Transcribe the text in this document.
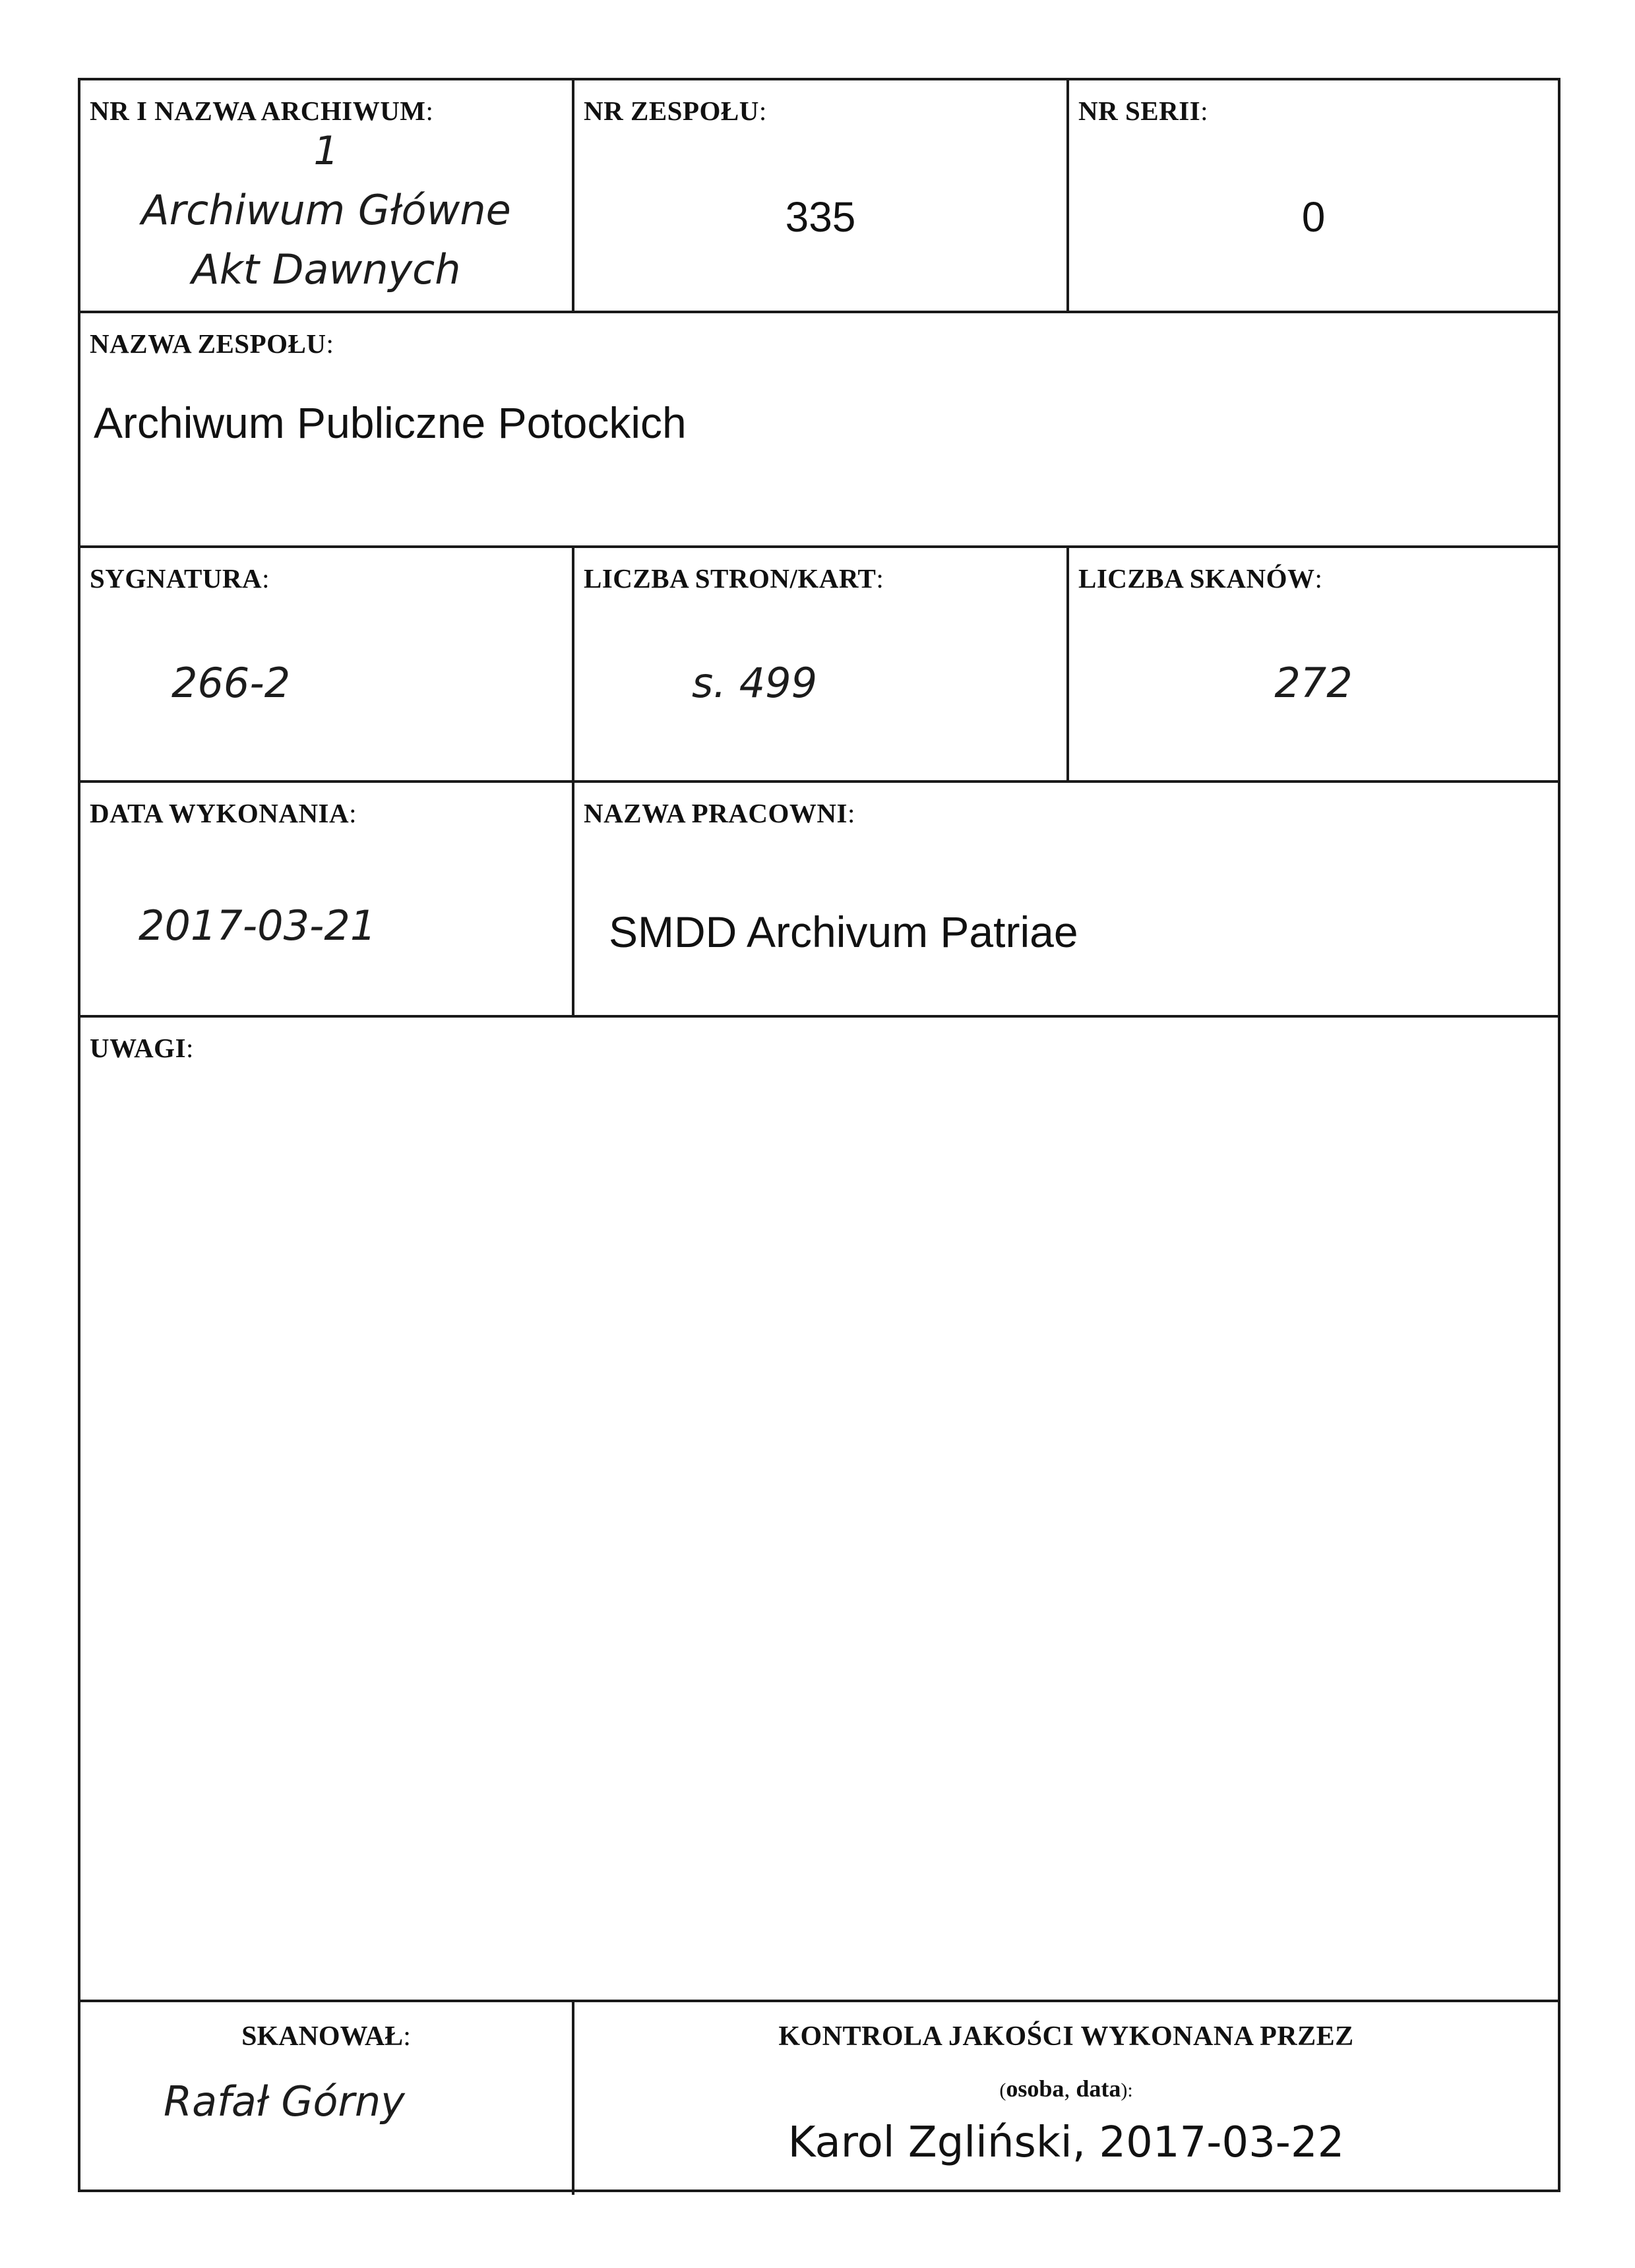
NR I NAZWA ARCHIWUM:
1
Archiwum Główne
Akt Dawnych
NR ZESPOŁU:
335
NR SERII:
0
NAZWA ZESPOŁU:
Archiwum Publiczne Potockich
SYGNATURA:
266-2
LICZBA STRON/KART:
s. 499
LICZBA SKANÓW:
272
DATA WYKONANIA:
2017-03-21
NAZWA PRACOWNI:
SMDD Archivum Patriae
UWAGI:
SKANOWAŁ:
Rafał Górny
KONTROLA JAKOŚCI WYKONANA PRZEZ
(osoba, data):
Karol Zgliński, 2017-03-22
